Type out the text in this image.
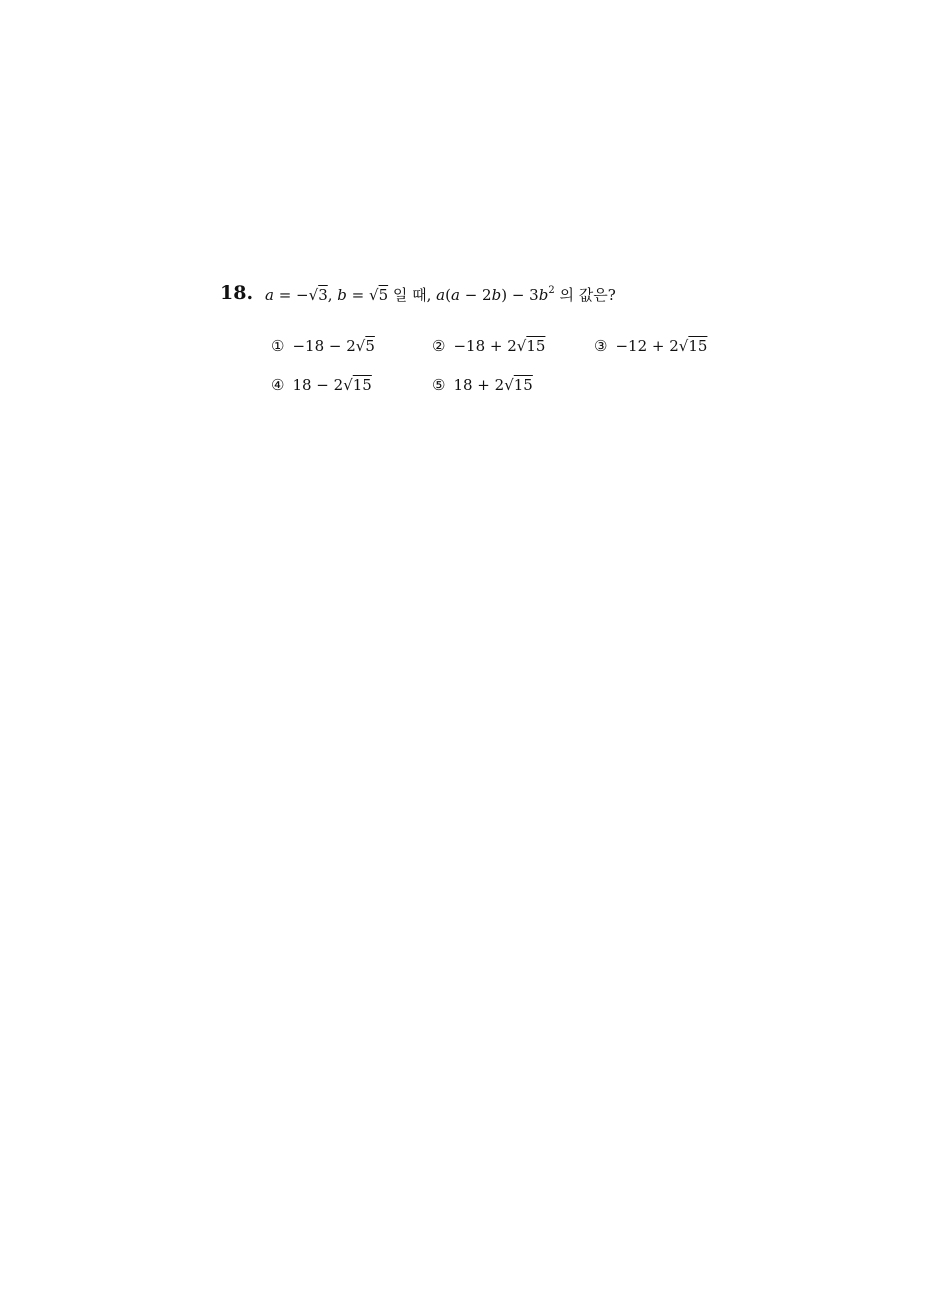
18. a = −√3, b = √5 일 때, $a(a - 2b) - 3b^2$ 의 값은?
① −18 − 2√5	② −18 + 2√15	③ −12 + 2√15
④ 18 − 2√15	⑤ 18 + 2√15
